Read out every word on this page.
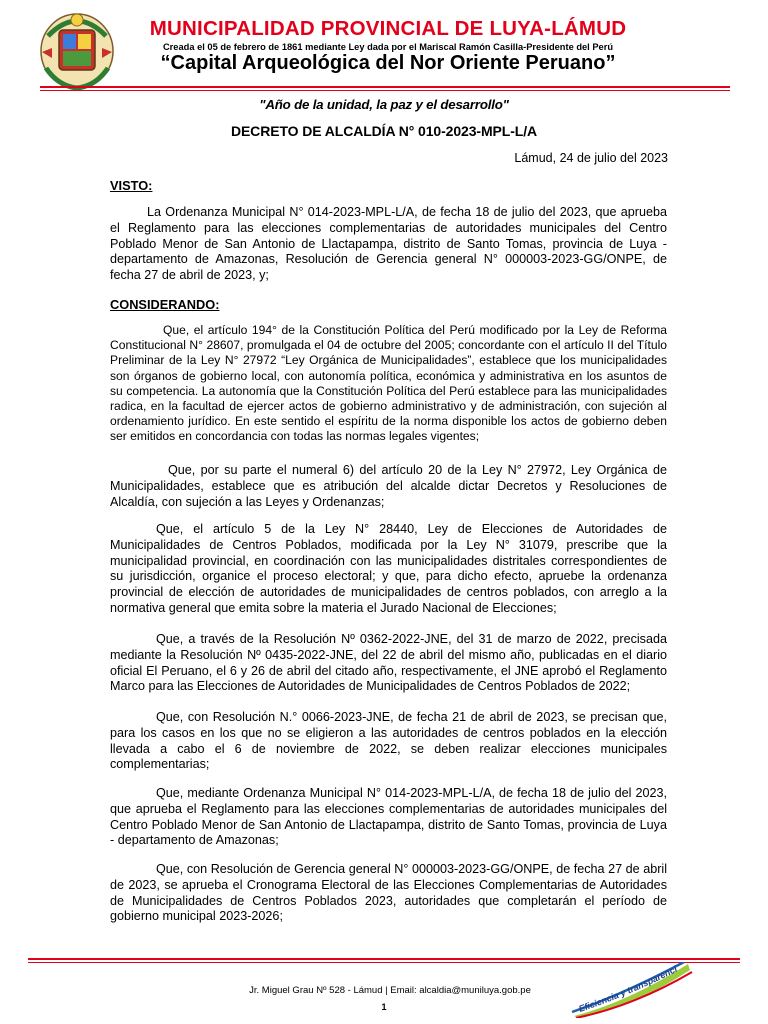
MUNICIPALIDAD PROVINCIAL DE LUYA-LÁMUD
Creada el 05 de febrero de 1861 mediante Ley dada por el Mariscal Ramón Casilla-Presidente del Perú
“Capital Arqueológica del Nor Oriente Peruano”
"Año de la unidad, la paz y el desarrollo"
DECRETO DE ALCALDÍA N° 010-2023-MPL-L/A
Lámud, 24 de julio del 2023
VISTO:
La Ordenanza Municipal N° 014-2023-MPL-L/A, de fecha 18 de julio del 2023, que aprueba el Reglamento para las elecciones complementarias de autoridades municipales del Centro Poblado Menor de San Antonio de Llactapampa, distrito de Santo Tomas, provincia de Luya - departamento de Amazonas, Resolución de Gerencia general N° 000003-2023-GG/ONPE, de fecha 27 de abril de 2023, y;
CONSIDERANDO:
Que, el artículo 194° de la Constitución Política del Perú modificado por la Ley de Reforma Constitucional N° 28607, promulgada el 04 de octubre del 2005; concordante con el artículo II del Título Preliminar de la Ley N° 27972 “Ley Orgánica de Municipalidades”, establece que los municipalidades son órganos de gobierno local, con autonomía política, económica y administrativa en los asuntos de su competencia. La autonomía que la Constitución Política del Perú establece para las municipalidades radica, en la facultad de ejercer actos de gobierno administrativo y de administración, con sujeción al ordenamiento jurídico. En este sentido el espíritu de la norma disponible los actos de gobierno deben ser emitidos en concordancia con todas las normas legales vigentes;
Que, por su parte el numeral 6) del artículo 20 de la Ley N° 27972, Ley Orgánica de Municipalidades, establece que es atribución del alcalde dictar Decretos y Resoluciones de Alcaldía, con sujeción a las Leyes y Ordenanzas;
Que, el artículo 5 de la Ley N° 28440, Ley de Elecciones de Autoridades de Municipalidades de Centros Poblados, modificada por la Ley N° 31079, prescribe que la municipalidad provincial, en coordinación con las municipalidades distritales correspondientes de su jurisdicción, organice el proceso electoral; y que, para dicho efecto, apruebe la ordenanza provincial de elección de autoridades de municipalidades de centros poblados, con arreglo a la normativa general que emita sobre la materia el Jurado Nacional de Elecciones;
Que, a través de la Resolución Nº 0362-2022-JNE, del 31 de marzo de 2022, precisada mediante la Resolución Nº 0435-2022-JNE, del 22 de abril del mismo año, publicadas en el diario oficial El Peruano, el 6 y 26 de abril del citado año, respectivamente, el JNE aprobó el Reglamento Marco para las Elecciones de Autoridades de Municipalidades de Centros Poblados de 2022;
Que, con Resolución N.° 0066-2023-JNE, de fecha 21 de abril de 2023, se precisan que, para los casos en los que no se eligieron a las autoridades de centros poblados en la elección llevada a cabo el 6 de noviembre de 2022, se deben realizar elecciones municipales complementarias;
Que, mediante Ordenanza Municipal N° 014-2023-MPL-L/A, de fecha 18 de julio del 2023, que aprueba el Reglamento para las elecciones complementarias de autoridades municipales del Centro Poblado Menor de San Antonio de Llactapampa, distrito de Santo Tomas, provincia de Luya - departamento de Amazonas;
Que, con Resolución de Gerencia general N° 000003-2023-GG/ONPE, de fecha 27 de abril de 2023, se aprueba el Cronograma Electoral de las Elecciones Complementarias de Autoridades de Municipalidades de Centros Poblados 2023, autoridades que completarán el período de gobierno municipal 2023-2026;
Jr. Miguel Grau Nº 528 - Lámud | Email: alcaldia@muniluya.gob.pe
1	Eficiencia y transparenci
